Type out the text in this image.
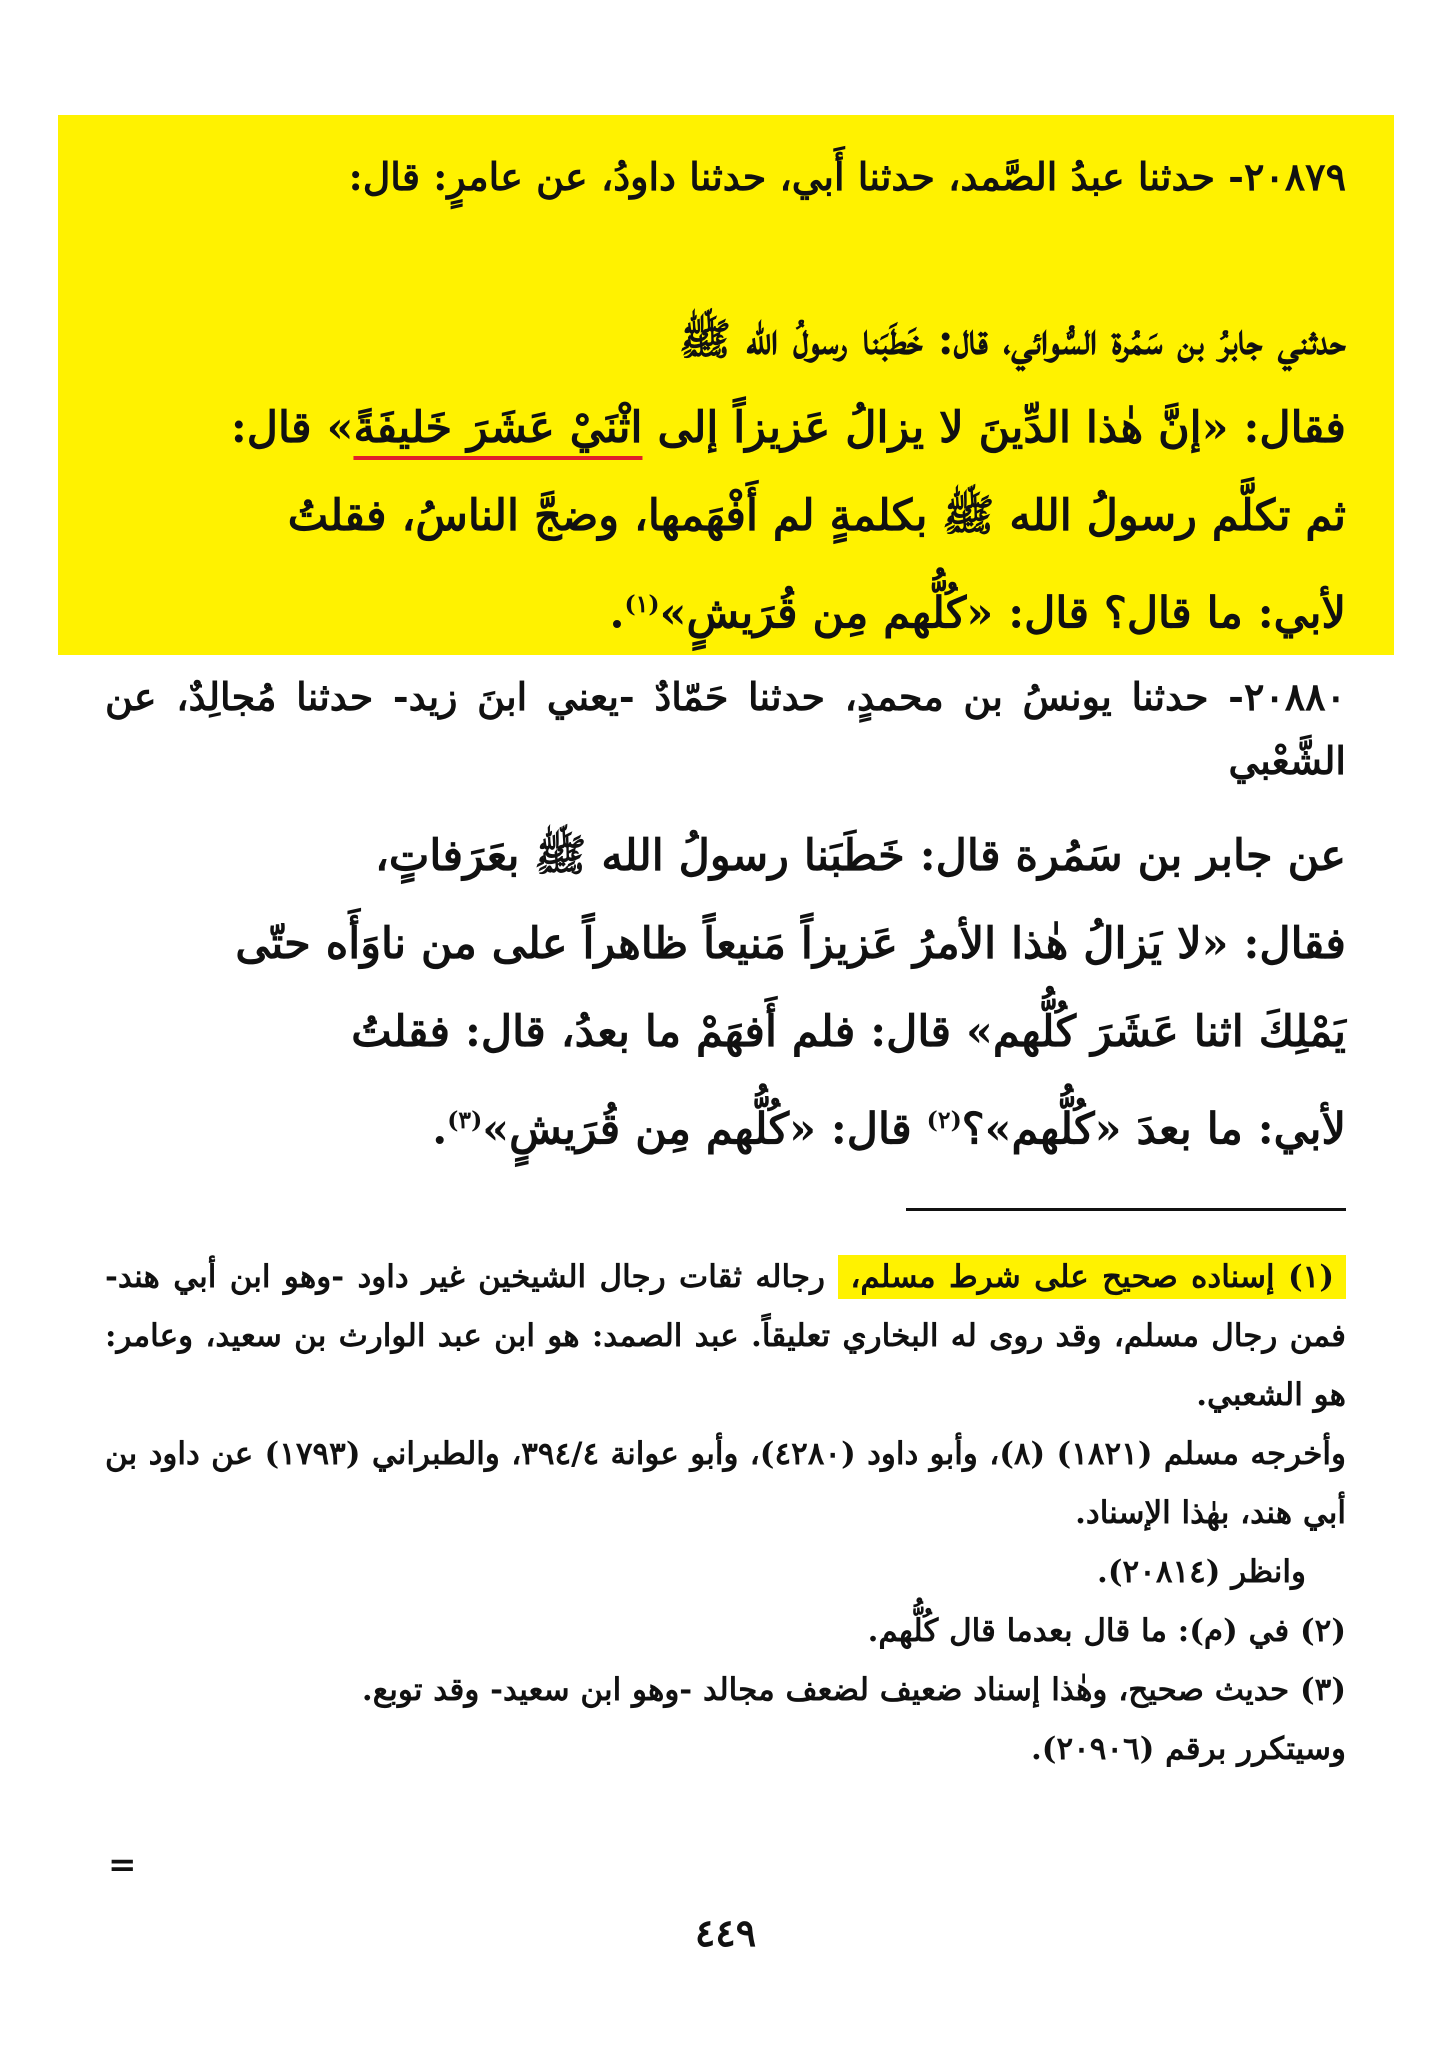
٢٠٨٧٩- حدثنا عبدُ الصَّمد، حدثنا أَبي، حدثنا داودُ، عن عامرٍ: قال:

حدثني جابرُ بن سَمُرة السُّوائي، قال: خَطَبَنا رسولُ الله ﷺ
فقال: «إنَّ هٰذا الدِّينَ لا يزالُ عَزيزاً إلى اثْنَيْ عَشَرَ خَليفَةً» قال:
ثم تكلَّم رسولُ الله ﷺ بكلمةٍ لم أَفْهَمها، وضجَّ الناسُ، فقلتُ
لأبي: ما قال؟ قال: «كُلُّهم مِن قُرَيشٍ»$^{(١)}$.

٢٠٨٨٠- حدثنا يونسُ بن محمدٍ، حدثنا حَمّادٌ -يعني ابنَ زيد- حدثنا مُجالِدٌ، عن الشَّعْبي

عن جابر بن سَمُرة قال: خَطَبَنا رسولُ الله ﷺ بعَرَفاتٍ،
فقال: «لا يَزالُ هٰذا الأمرُ عَزيزاً مَنيعاً ظاهراً على من ناوَأَه حتّى
يَمْلِكَ اثنا عَشَرَ كُلُّهم» قال: فلم أَفهَمْ ما بعدُ، قال: فقلتُ
لأبي: ما بعدَ «كُلُّهم»؟$^{(٢)}$ قال: «كُلُّهم مِن قُرَيشٍ»$^{(٣)}$.
(١) إسناده صحيح على شرط مسلم، رجاله ثقات رجال الشيخين غير داود -وهو ابن أبي هند- فمن رجال مسلم، وقد روى له البخاري تعليقاً. عبد الصمد: هو ابن عبد الوارث بن سعيد، وعامر: هو الشعبي.
وأخرجه مسلم (١٨٢١) (٨)، وأبو داود (٤٢٨٠)، وأبو عوانة ٣٩٤/٤، والطبراني (١٧٩٣) عن داود بن أبي هند، بهٰذا الإسناد.
وانظر (٢٠٨١٤).
(٢) في (م): ما قال بعدما قال كُلُّهم.
(٣) حديث صحيح، وهٰذا إسناد ضعيف لضعف مجالد -وهو ابن سعيد- وقد توبع.
وسيتكرر برقم (٢٠٩٠٦).
=
٤٤٩
